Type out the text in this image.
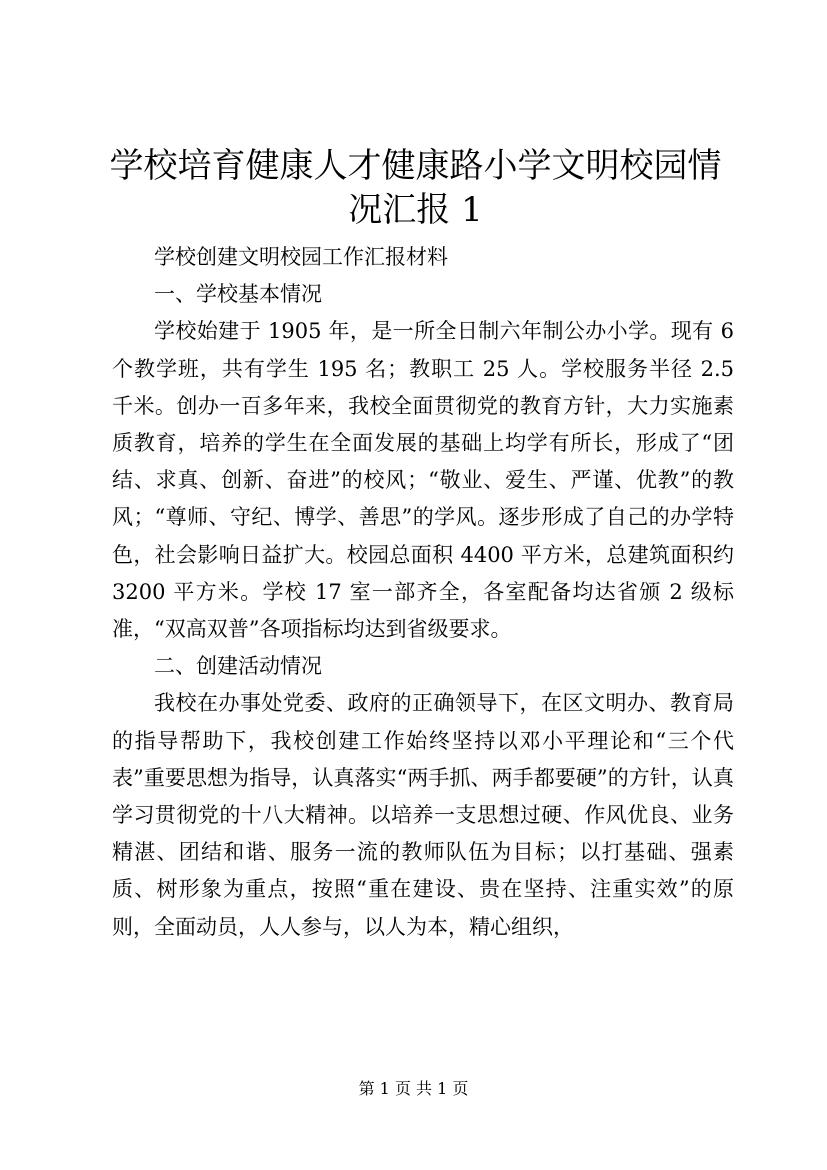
学校培育健康人才健康路小学文明校园情况汇报 1

学校创建文明校园工作汇报材料

一、学校基本情况

学校始建于 1905 年，是一所全日制六年制公办小学。现有 6 个教学班，共有学生 195 名；教职工 25 人。学校服务半径 2.5 千米。创办一百多年来，我校全面贯彻党的教育方针，大力实施素质教育，培养的学生在全面发展的基础上均学有所长，形成了“团结、求真、创新、奋进”的校风；“敬业、爱生、严谨、优教”的教风；“尊师、守纪、博学、善思”的学风。逐步形成了自己的办学特色，社会影响日益扩大。校园总面积 4400 平方米，总建筑面积约 3200 平方米。学校 17 室一部齐全，各室配备均达省颁 2 级标准，“双高双普”各项指标均达到省级要求。

二、创建活动情况

我校在办事处党委、政府的正确领导下，在区文明办、教育局的指导帮助下，我校创建工作始终坚持以邓小平理论和“三个代表”重要思想为指导，认真落实“两手抓、两手都要硬”的方针，认真学习贯彻党的十八大精神。以培养一支思想过硬、作风优良、业务精湛、团结和谐、服务一流的教师队伍为目标；以打基础、强素质、树形象为重点，按照“重在建设、贵在坚持、注重实效”的原则，全面动员，人人参与，以人为本，精心组织，

第 1 页 共 1 页
